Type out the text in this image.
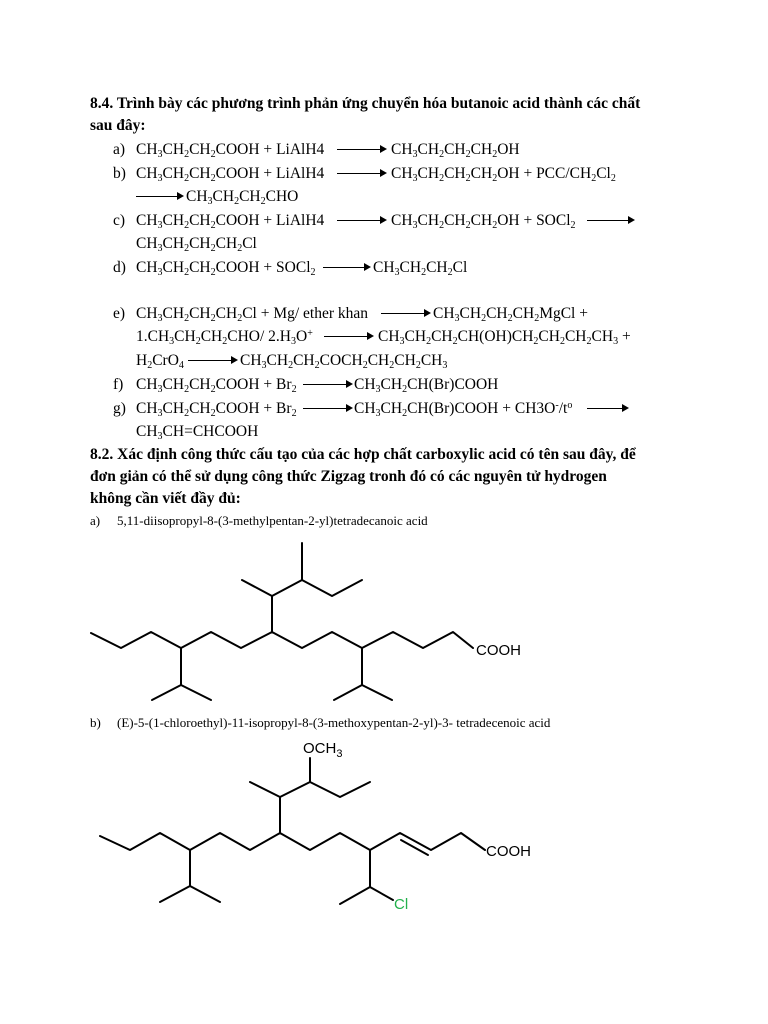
8.4. Trình bày các phương trình phản ứng chuyển hóa butanoic acid thành các chất
sau đây:
a) $CH_3CH_2CH_2COOH$ + LiAlH4	$CH_3CH_2CH_2CH_2OH$
b) $CH_3CH_2CH_2COOH$ + LiAlH4	$CH_3CH_2CH_2CH_2OH + PCC/CH_2Cl_2$
$CH_3CH_2CH_2CHO$
c) $CH_3CH_2CH_2COOH$ + LiAlH4	$CH_3CH_2CH_2CH_2OH$ + SOCl$_2$
$CH_3CH_2CH_2CH_2Cl$
d) $CH_3CH_2CH_2COOH$ + SOCl$_2$	$CH_3CH_2CH_2Cl$
e) $CH_3CH_2CH_2CH_2Cl + Mg/$ ether khan	$CH_3CH_2CH_2CH_2MgCl$ +
$1.CH_3CH_2CH_2CHO/$ $2.H_3O^+$	$CH_3CH_2CH_2CH(OH)CH_2CH_2CH_2CH_3$ +
$H_2CrO_4$	$CH_3CH_2CH_2COCH_2CH_2CH_2CH_3$
f) $CH_3CH_2CH_2COOH + Br_2$	$CH_3CH_2CH(Br)COOH$
g) $CH_3CH_2CH_2COOH + Br_2$	$CH_3CH_2CH(Br)COOH + CH3O^-/t^o$
$CH_3CH=CHCOOH$
8.2. Xác định công thức cấu tạo của các hợp chất carboxylic acid có tên sau đây, để
đơn giản có thể sử dụng công thức Zigzag tronh đó có các nguyên tử hydrogen
không cần viết đầy đủ:
a) 5,11-diisopropyl-8-(3-methylpentan-2-yl)tetradecanoic acid
COOH
b) (E)-5-(1-chloroethyl)-11-isopropyl-8-(3-methoxypentan-2-yl)-3- tetradecenoic acid
$OCH_3$
COOH
Cl
